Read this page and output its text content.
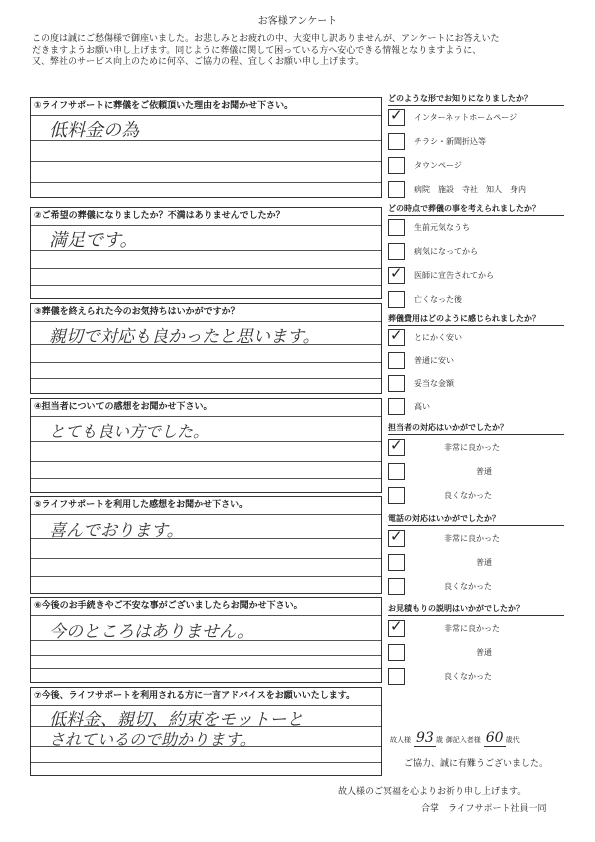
お客様アンケート
この度は誠にご愁傷様で御座いました。お悲しみとお疲れの中、大変申し訳ありませんが、アンケートにお答えいた
だきますようお願い申し上げます。同じように葬儀に関して困っている方へ安心できる情報となりますように、
又、弊社のサービス向上のために何卒、ご協力の程、宜しくお願い申し上げます。
①ライフサポートに葬儀をご依頼頂いた理由をお聞かせ下さい。
低料金の為
②ご希望の葬儀になりましたか？不満はありませんでしたか？
満足です。
③葬儀を終えられた今のお気持ちはいかがですか？
親切で対応も良かったと思います。
④担当者についての感想をお聞かせ下さい。
とても良い方でした。
⑤ライフサポートを利用した感想をお聞かせ下さい。
喜んでおります。
⑥今後のお手続きやご不安な事がございましたらお聞かせ下さい。
今のところはありません。
⑦今後、ライフサポートを利用される方に一言アドバイスをお願いいたします。
低料金、親切、約束をモットーと
されているので助かります。
どのような形でお知りになりましたか？
✓ インターネットホームページ
チラシ・新聞折込等
タウンページ
病院　施設　寺社　知人　身内
どの時点で葬儀の事を考えられましたか？
生前元気なうち
病気になってから
✓ 医師に宣告されてから
亡くなった後
葬儀費用はどのように感じられましたか？
✓ とにかく安い
普通に安い
妥当な金額
高い
担当者の対応はいかがでしたか？
✓	非常に良かった
普通
良くなかった
電話の対応はいかがでしたか？
✓	非常に良かった
普通
良くなかった
お見積もりの説明はいかがでしたか？
✓	非常に良かった
普通
良くなかった
故人様 93 歳 御記入者様 60 歳代
ご協力、誠に有難うございました。
故人様のご冥福を心よりお祈り申し上げます。
合掌　ライフサポート社員一同
